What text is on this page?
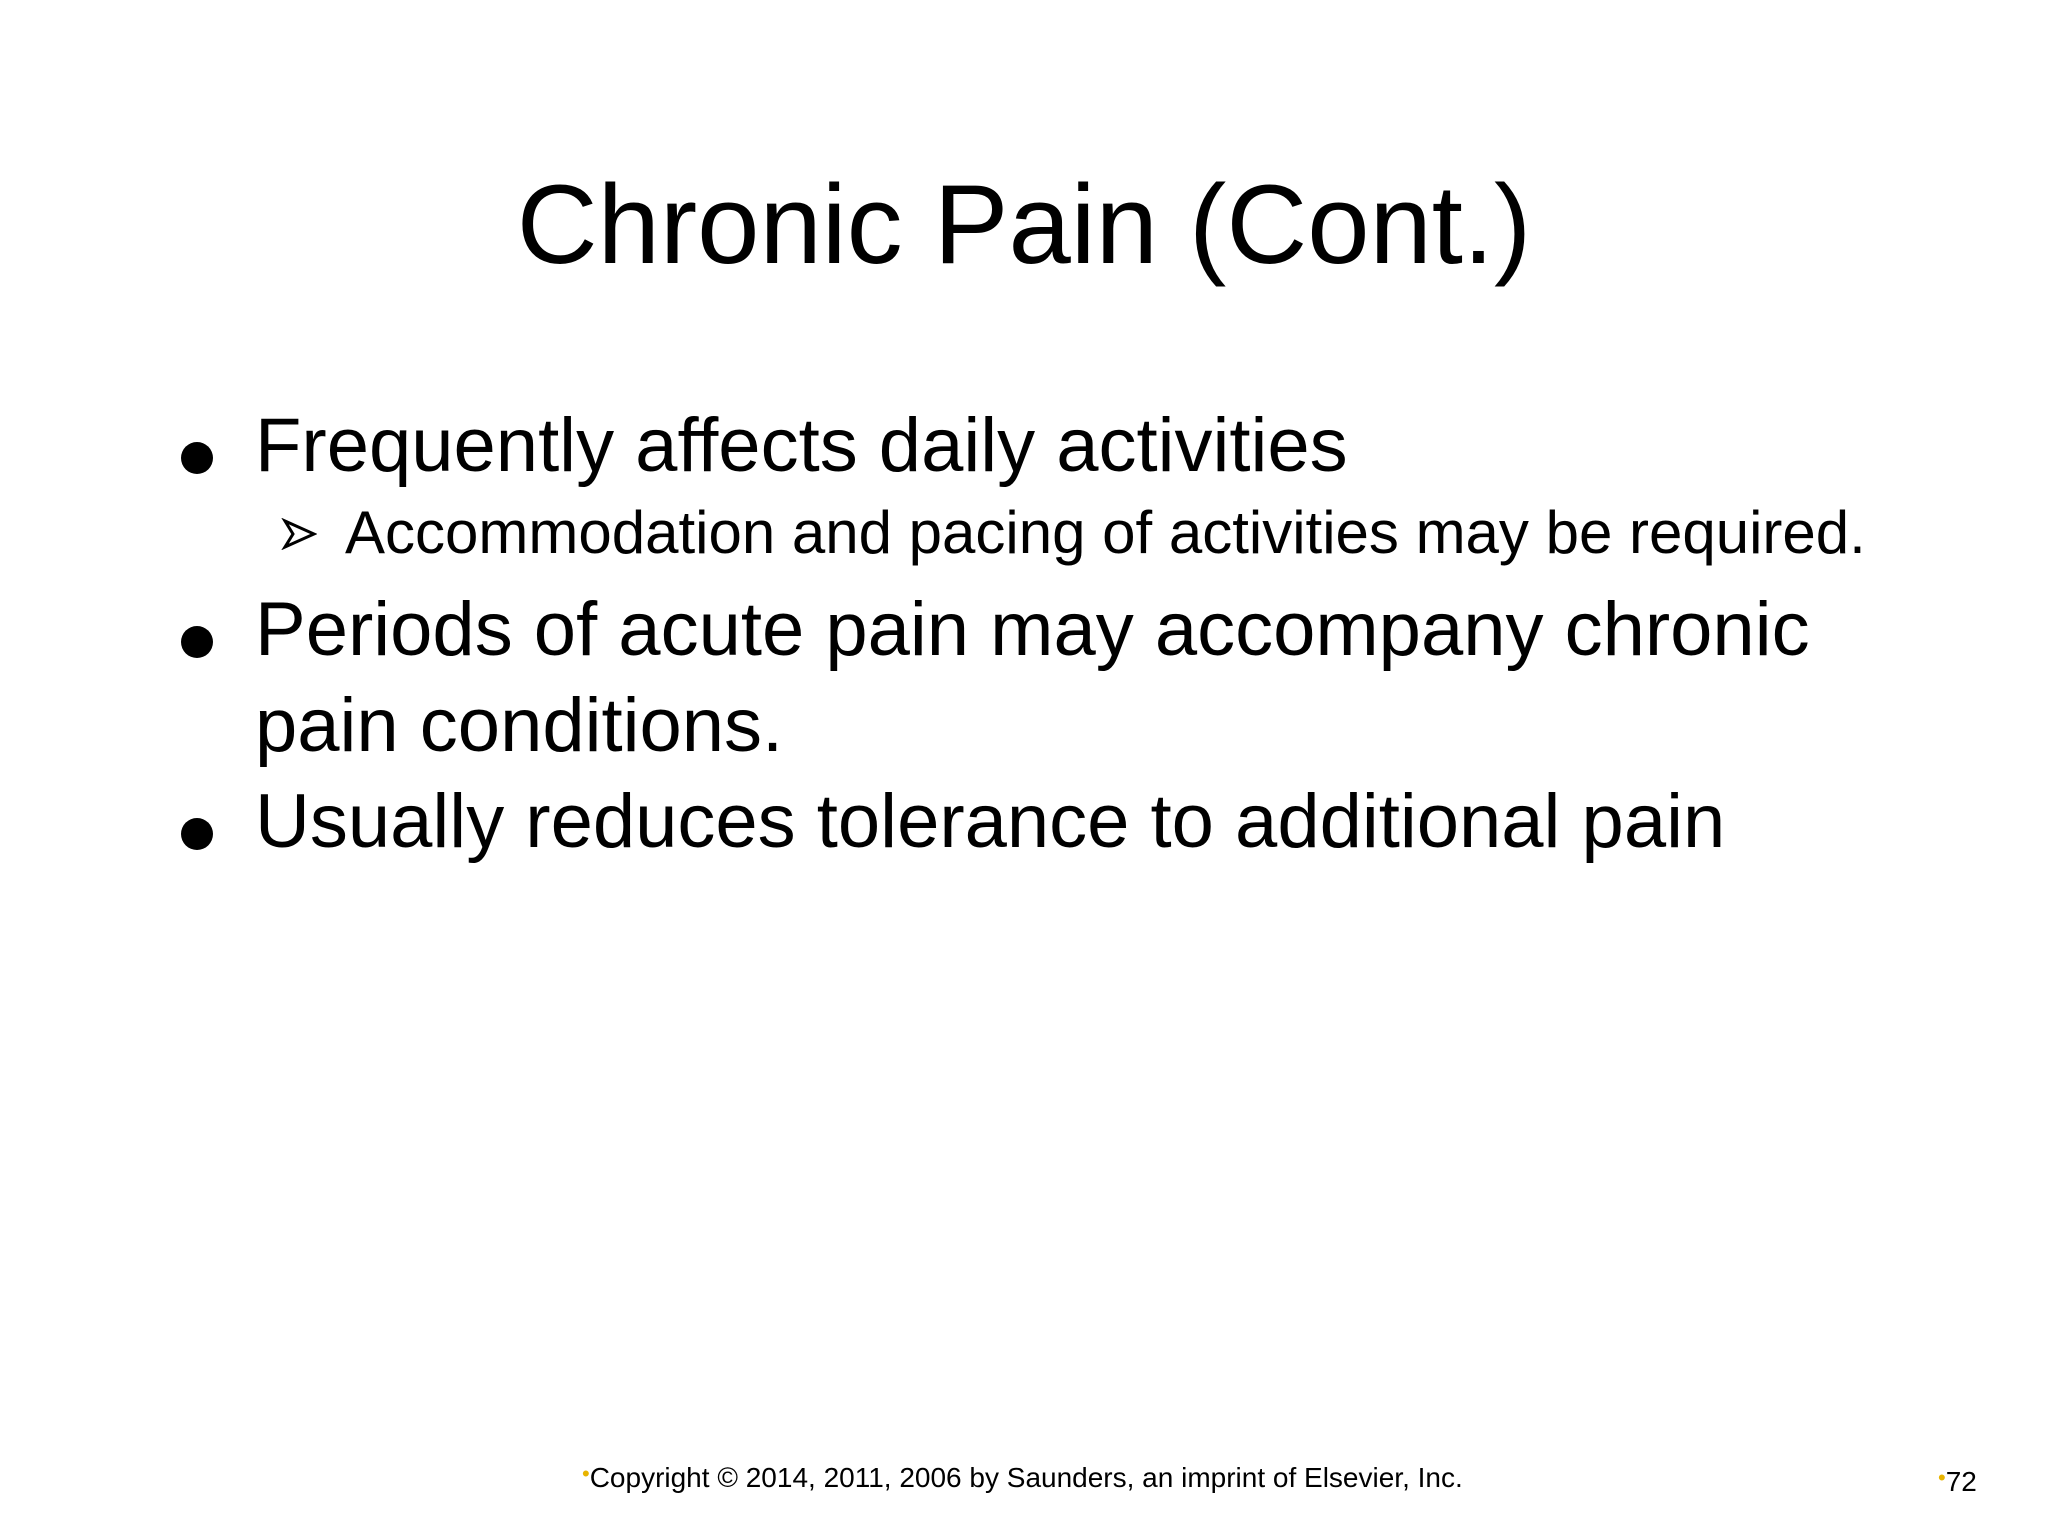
Chronic Pain (Cont.)
Frequently affects daily activities
Accommodation and pacing of activities may be required.
Periods of acute pain may accompany chronic pain conditions.
Usually reduces tolerance to additional pain
•Copyright © 2014, 2011, 2006 by Saunders, an imprint of Elsevier, Inc.	•72
